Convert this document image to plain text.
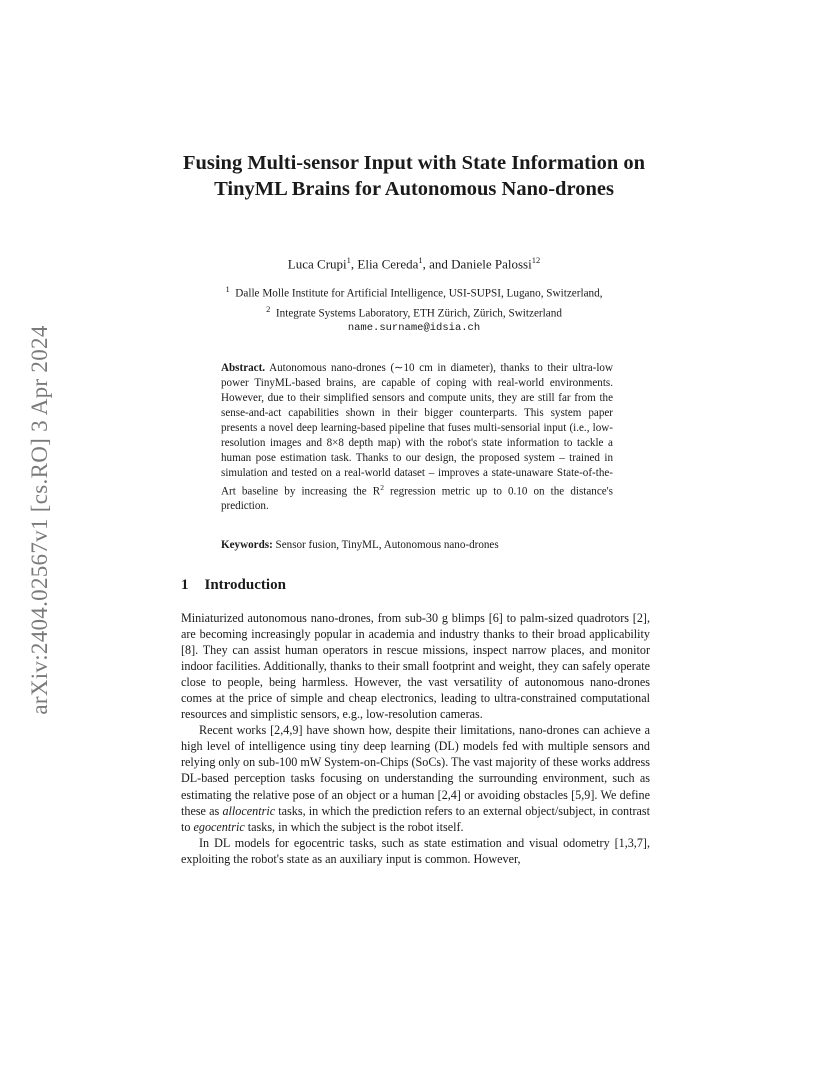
arXiv:2404.02567v1 [cs.RO] 3 Apr 2024
Fusing Multi-sensor Input with State Information on TinyML Brains for Autonomous Nano-drones

Luca Crupi$^1$, Elia Cereda$^1$, and Daniele Palossi$^{12}$

$^1$ Dalle Molle Institute for Artificial Intelligence, USI-SUPSI, Lugano, Switzerland,
$^2$ Integrate Systems Laboratory, ETH Zürich, Zürich, Switzerland
name.surname@idsia.ch

Abstract. Autonomous nano-drones (∼10 cm in diameter), thanks to their ultra-low power TinyML-based brains, are capable of coping with real-world environments. However, due to their simplified sensors and compute units, they are still far from the sense-and-act capabilities shown in their bigger counterparts. This system paper presents a novel deep learning-based pipeline that fuses multi-sensorial input (i.e., low-resolution images and 8×8 depth map) with the robot's state information to tackle a human pose estimation task. Thanks to our design, the proposed system – trained in simulation and tested on a real-world dataset – improves a state-unaware State-of-the-Art baseline by increasing the $R^2$ regression metric up to 0.10 on the distance's prediction.

Keywords: Sensor fusion, TinyML, Autonomous nano-drones

1 Introduction

Miniaturized autonomous nano-drones, from sub-30 g blimps [6] to palm-sized quadrotors [2], are becoming increasingly popular in academia and industry thanks to their broad applicability [8]. They can assist human operators in rescue missions, inspect narrow places, and monitor indoor facilities. Additionally, thanks to their small footprint and weight, they can safely operate close to people, being harmless. However, the vast versatility of autonomous nano-drones comes at the price of simple and cheap electronics, leading to ultra-constrained computational resources and simplistic sensors, e.g., low-resolution cameras.

Recent works [2,4,9] have shown how, despite their limitations, nano-drones can achieve a high level of intelligence using tiny deep learning (DL) models fed with multiple sensors and relying only on sub-100 mW System-on-Chips (SoCs). The vast majority of these works address DL-based perception tasks focusing on understanding the surrounding environment, such as estimating the relative pose of an object or a human [2,4] or avoiding obstacles [5,9]. We define these as allocentric tasks, in which the prediction refers to an external object/subject, in contrast to egocentric tasks, in which the subject is the robot itself.

In DL models for egocentric tasks, such as state estimation and visual odometry [1,3,7], exploiting the robot's state as an auxiliary input is common. However,
